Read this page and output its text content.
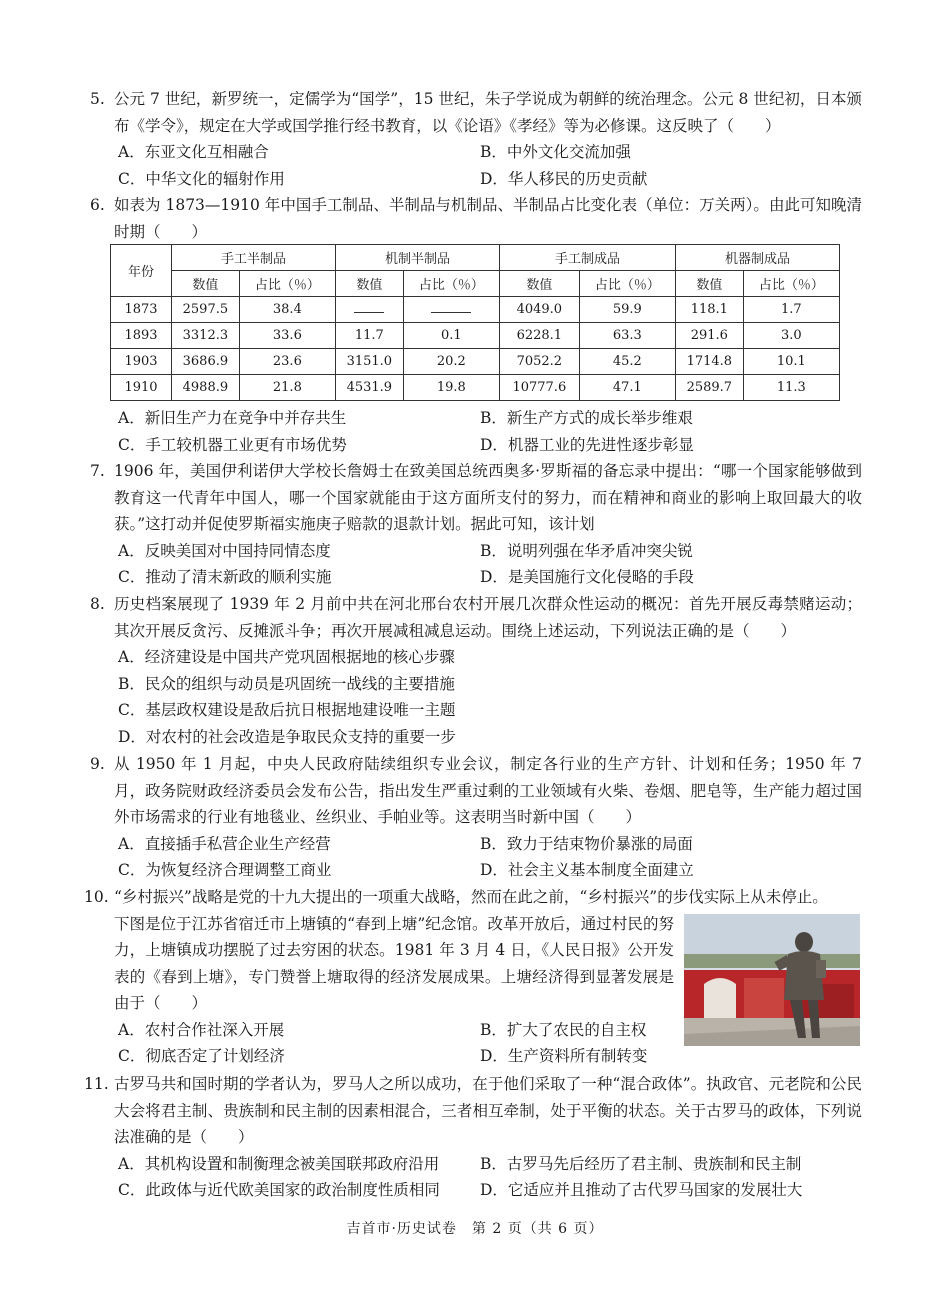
5. 公元 7 世纪，新罗统一，定儒学为“国学”，15 世纪，朱子学说成为朝鲜的统治理念。公元 8 世纪初，日本颁布《学令》，规定在大学或国学推行经书教育，以《论语》《孝经》等为必修课。这反映了（　　）
A．东亚文化互相融合	B．中外文化交流加强
C．中华文化的辐射作用	D．华人移民的历史贡献
6. 如表为 1873—1910 年中国手工制品、半制品与机制品、半制品占比变化表（单位：万关两）。由此可知晚清时期（　　）
年份	手工半制品		机制半制品		手工制成品		机器制成品	
	数值	占比（％）	数值	占比（％）	数值	占比（％）	数值	占比（％）
1873	2597.5	38.4			4049.0	59.9	118.1	1.7
1893	3312.3	33.6	11.7	0.1	6228.1	63.3	291.6	3.0
1903	3686.9	23.6	3151.0	20.2	7052.2	45.2	1714.8	10.1
1910	4988.9	21.8	4531.9	19.8	10777.6	47.1	2589.7	11.3
A．新旧生产力在竞争中并存共生	B．新生产方式的成长举步维艰
C．手工较机器工业更有市场优势	D．机器工业的先进性逐步彰显
7. 1906 年，美国伊利诺伊大学校长詹姆士在致美国总统西奥多·罗斯福的备忘录中提出：“哪一个国家能够做到教育这一代青年中国人，哪一个国家就能由于这方面所支付的努力，而在精神和商业的影响上取回最大的收获。”这打动并促使罗斯福实施庚子赔款的退款计划。据此可知，该计划
A．反映美国对中国持同情态度	B．说明列强在华矛盾冲突尖锐
C．推动了清末新政的顺利实施	D．是美国施行文化侵略的手段
8. 历史档案展现了 1939 年 2 月前中共在河北邢台农村开展几次群众性运动的概况：首先开展反毒禁赌运动；其次开展反贪污、反摊派斗争；再次开展减租减息运动。围绕上述运动，下列说法正确的是（　　）
A．经济建设是中国共产党巩固根据地的核心步骤
B．民众的组织与动员是巩固统一战线的主要措施
C．基层政权建设是敌后抗日根据地建设唯一主题
D．对农村的社会改造是争取民众支持的重要一步
9. 从 1950 年 1 月起，中央人民政府陆续组织专业会议，制定各行业的生产方针、计划和任务；1950 年 7 月，政务院财政经济委员会发布公告，指出发生严重过剩的工业领域有火柴、卷烟、肥皂等，生产能力超过国外市场需求的行业有地毯业、丝织业、手帕业等。这表明当时新中国（　　）
A．直接插手私营企业生产经营	B．致力于结束物价暴涨的局面
C．为恢复经济合理调整工商业	D．社会主义基本制度全面建立
10. “乡村振兴”战略是党的十九大提出的一项重大战略，然而在此之前，“乡村振兴”的步伐实际上从未停止。
下图是位于江苏省宿迁市上塘镇的“春到上塘”纪念馆。改革开放后，通过村民的努力，上塘镇成功摆脱了过去穷困的状态。1981 年 3 月 4 日，《人民日报》公开发表的《春到上塘》，专门赞誉上塘取得的经济发展成果。上塘经济得到显著发展是由于（　　）
A．农村合作社深入开展	B．扩大了农民的自主权
C．彻底否定了计划经济	D．生产资料所有制转变
11. 古罗马共和国时期的学者认为，罗马人之所以成功，在于他们采取了一种“混合政体”。执政官、元老院和公民大会将君主制、贵族制和民主制的因素相混合，三者相互牵制，处于平衡的状态。关于古罗马的政体，下列说法准确的是（　　）
A．其机构设置和制衡理念被美国联邦政府沿用	B．古罗马先后经历了君主制、贵族制和民主制
C．此政体与近代欧美国家的政治制度性质相同	D．它适应并且推动了古代罗马国家的发展壮大
吉首市·历史试卷　第 2 页（共 6 页）
